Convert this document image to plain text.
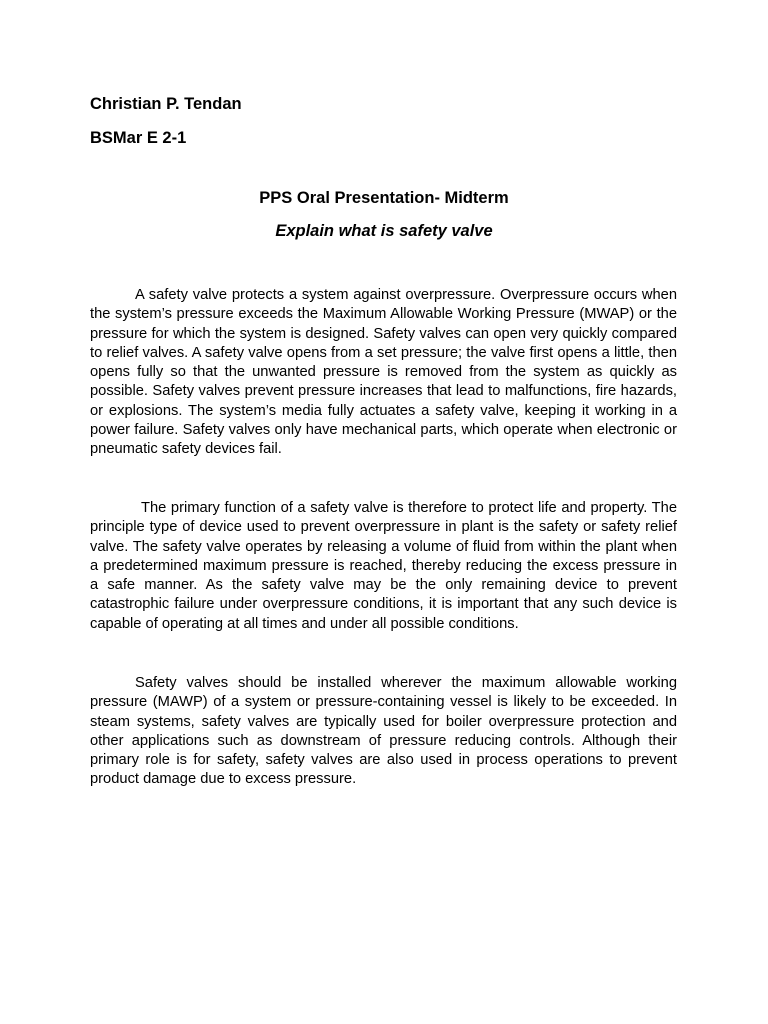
Christian P. Tendan
BSMar E 2-1
PPS Oral Presentation- Midterm
Explain what is safety valve

A safety valve protects a system against overpressure. Overpressure occurs when the system’s pressure exceeds the Maximum Allowable Working Pressure (MWAP) or the pressure for which the system is designed. Safety valves can open very quickly compared to relief valves. A safety valve opens from a set pressure; the valve first opens a little, then opens fully so that the unwanted pressure is removed from the system as quickly as possible. Safety valves prevent pressure increases that lead to malfunctions, fire hazards, or explosions. The system’s media fully actuates a safety valve, keeping it working in a power failure. Safety valves only have mechanical parts, which operate when electronic or pneumatic safety devices fail.

The primary function of a safety valve is therefore to protect life and property. The principle type of device used to prevent overpressure in plant is the safety or safety relief valve. The safety valve operates by releasing a volume of fluid from within the plant when a predetermined maximum pressure is reached, thereby reducing the excess pressure in a safe manner. As the safety valve may be the only remaining device to prevent catastrophic failure under overpressure conditions, it is important that any such device is capable of operating at all times and under all possible conditions.

Safety valves should be installed wherever the maximum allowable working pressure (MAWP) of a system or pressure-containing vessel is likely to be exceeded. In steam systems, safety valves are typically used for boiler overpressure protection and other applications such as downstream of pressure reducing controls. Although their primary role is for safety, safety valves are also used in process operations to prevent product damage due to excess pressure.
